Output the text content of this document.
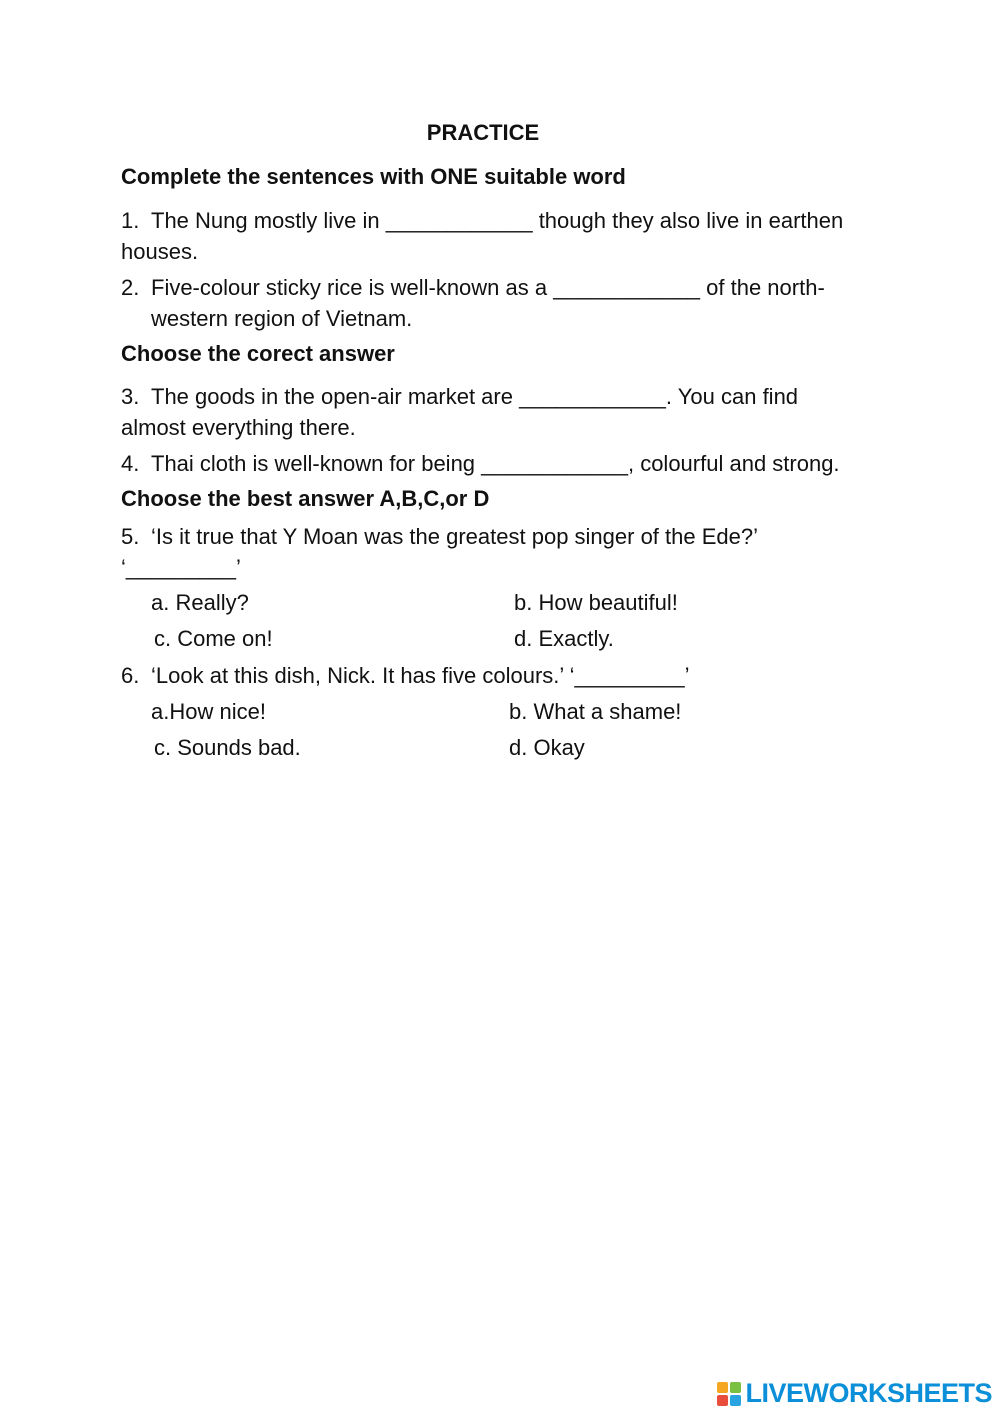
PRACTICE
Complete the sentences with ONE suitable word
1. The Nung mostly live in ____________ though they also live in earthen
houses.
2. Five-colour sticky rice is well-known as a ____________ of the north-
western region of Vietnam.
Choose the corect answer
3. The goods in the open-air market are ____________. You can find
almost everything there.
4. Thai cloth is well-known for being ____________, colourful and strong.
Choose the best answer A,B,C,or D
5. ‘Is it true that Y Moan was the greatest pop singer of the Ede?’
‘_________’
a. Really?	b. How beautiful!
c. Come on!	d. Exactly.
6. ‘Look at this dish, Nick. It has five colours.’ ‘_________’
a.How nice!	b. What a shame!
c. Sounds bad.	d. Okay
LIVEWORKSHEETS
